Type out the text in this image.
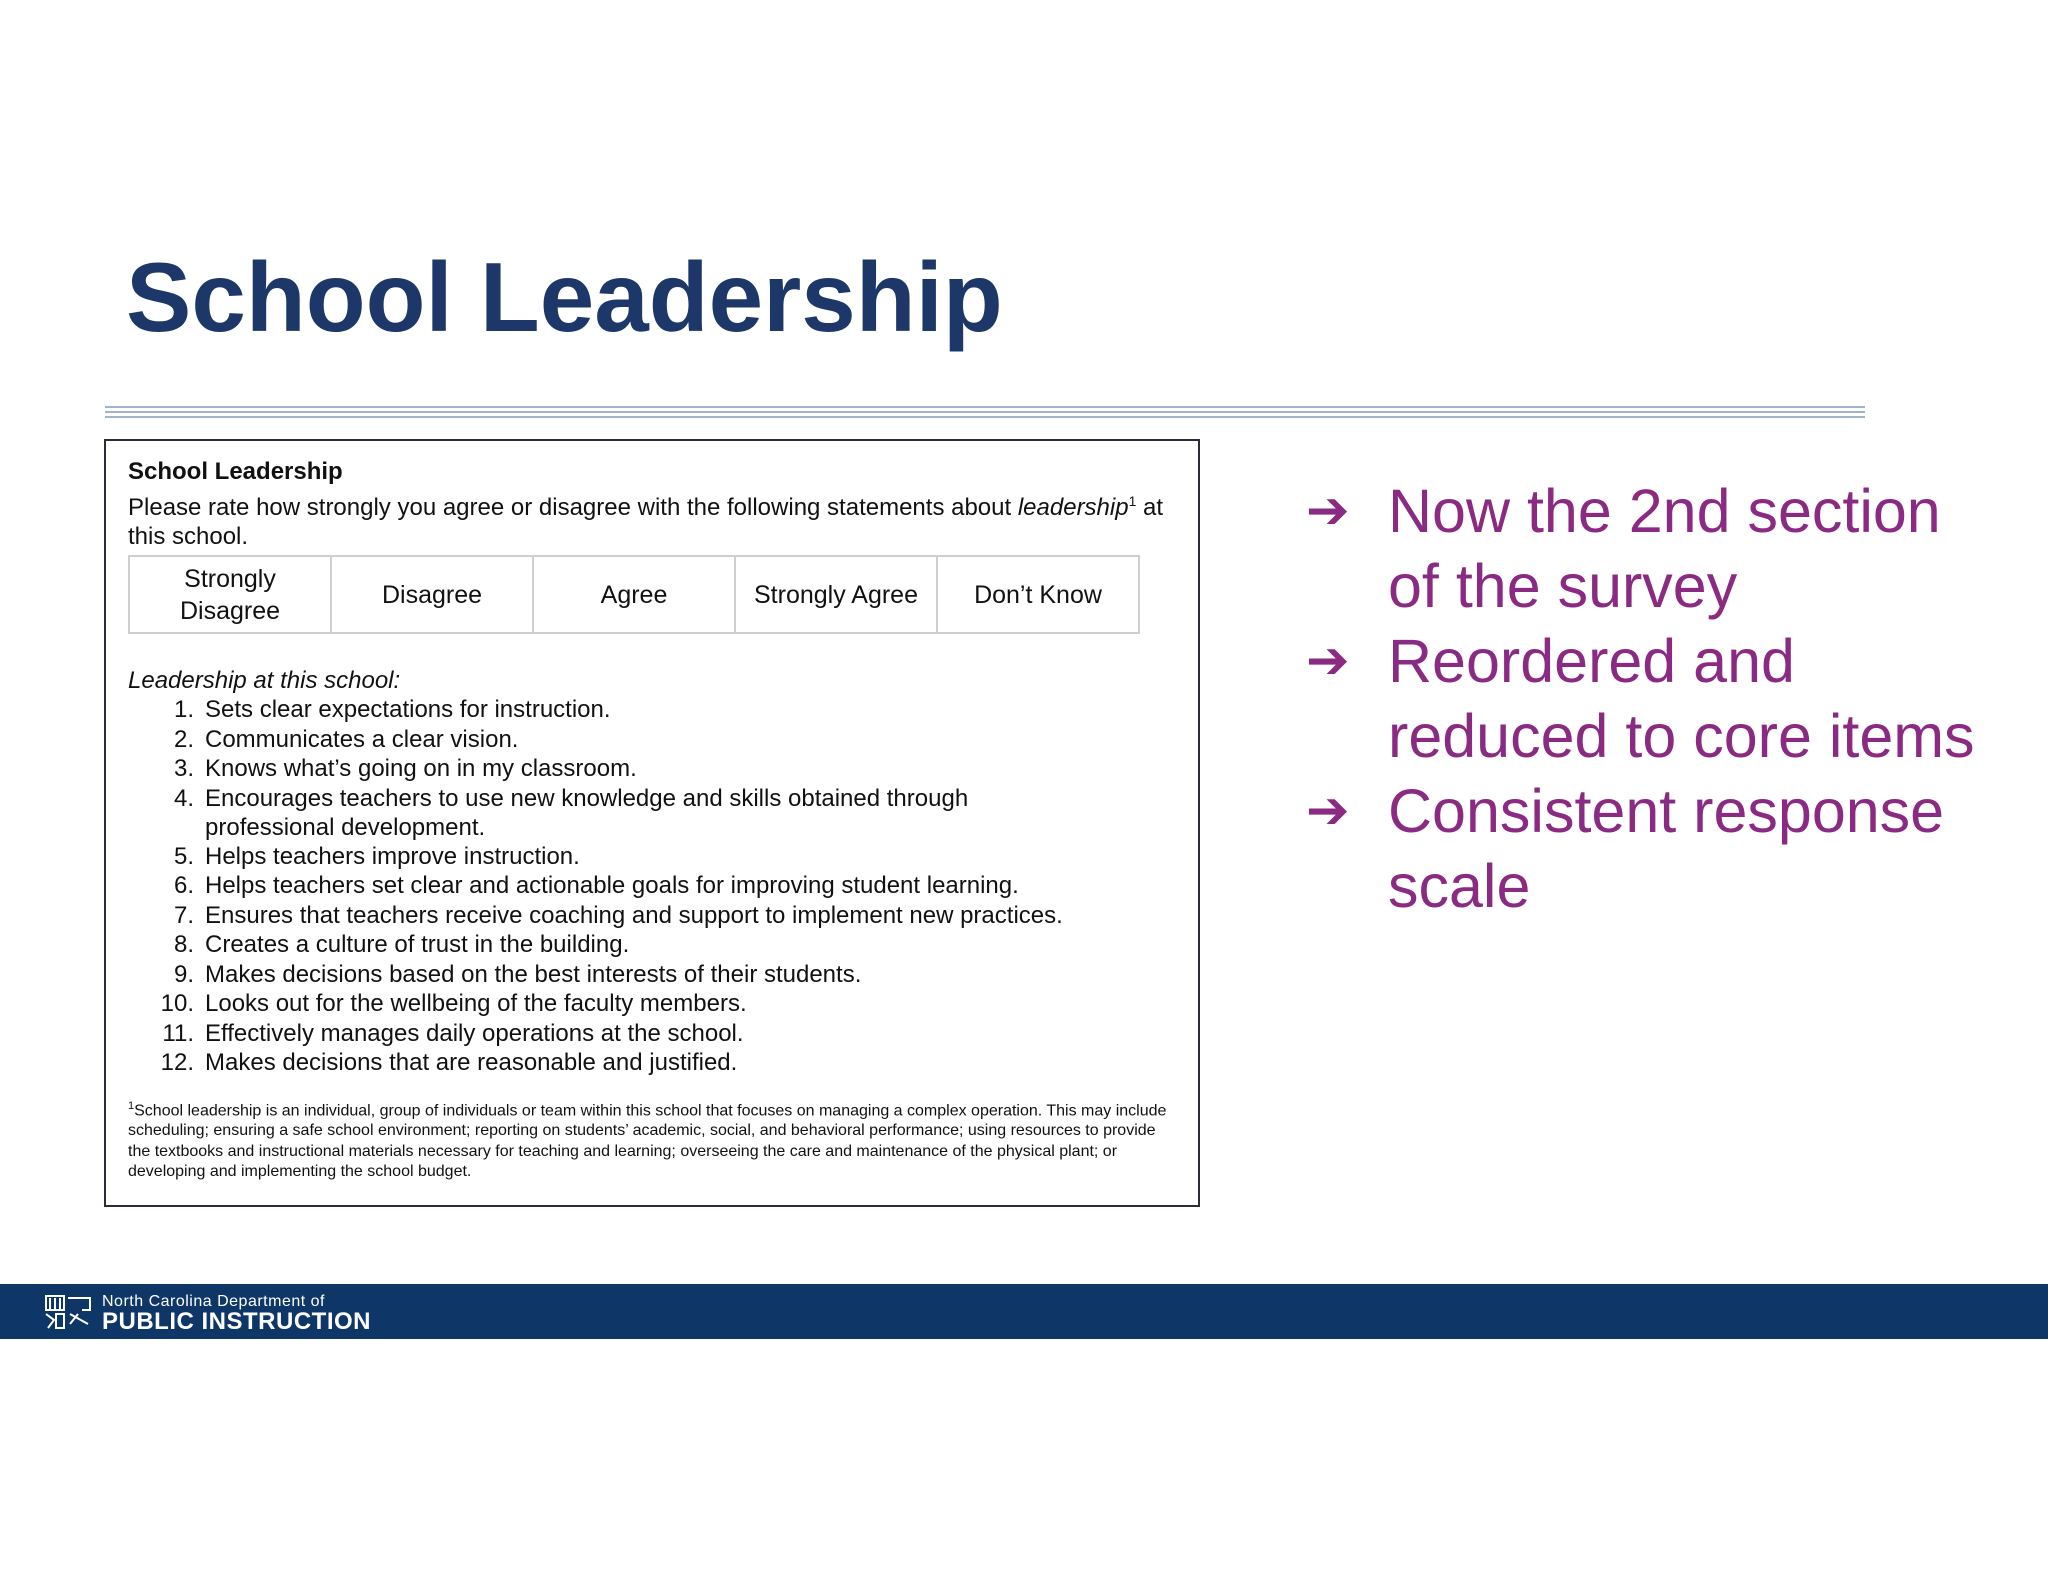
School Leadership
School Leadership
Please rate how strongly you agree or disagree with the following statements about leadership$^1$ at this school.
Strongly Disagree	Disagree	Agree	Strongly Agree	Don’t Know
Leadership at this school:
1. Sets clear expectations for instruction.
2. Communicates a clear vision.
3. Knows what’s going on in my classroom.
4. Encourages teachers to use new knowledge and skills obtained through professional development.
5. Helps teachers improve instruction.
6. Helps teachers set clear and actionable goals for improving student learning.
7. Ensures that teachers receive coaching and support to implement new practices.
8. Creates a culture of trust in the building.
9. Makes decisions based on the best interests of their students.
10. Looks out for the wellbeing of the faculty members.
11. Effectively manages daily operations at the school.
12. Makes decisions that are reasonable and justified.
$^1$School leadership is an individual, group of individuals or team within this school that focuses on managing a complex operation. This may include scheduling; ensuring a safe school environment; reporting on students’ academic, social, and behavioral performance; using resources to provide the textbooks and instructional materials necessary for teaching and learning; overseeing the care and maintenance of the physical plant; or developing and implementing the school budget.
➔ Now the 2nd section of the survey
➔ Reordered and reduced to core items
➔ Consistent response scale
North Carolina Department of
PUBLIC INSTRUCTION
